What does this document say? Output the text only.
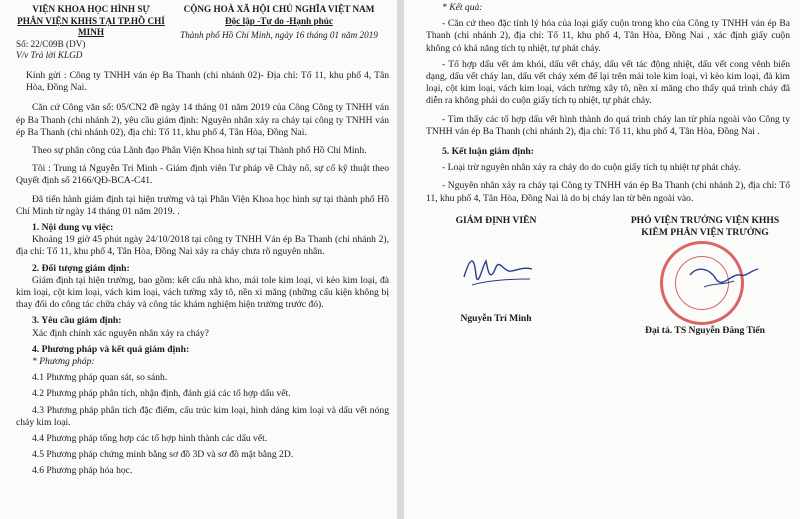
VIỆN KHOA HỌC HÌNH SỰ

PHÂN VIỆN KHHS TẠI TP.HỒ CHÍ MINH

Số: 22/C09B (DV)

V/v Trả lời KLGD

CỘNG HOÀ XÃ HỘI CHỦ NGHĨA VIỆT NAM

Độc lập -Tự do -Hạnh phúc

Thành phố Hồ Chí Minh, ngày 16 tháng 01 năm 2019

Kính gửi : Công ty TNHH ván ép Ba Thanh (chi nhánh 02)- Địa chỉ: Tổ 11, khu phố 4, Tân Hòa, Đồng Nai.

Căn cứ Công văn số: 05/CN2 đề ngày 14 tháng 01 năm 2019 của Công Công ty TNHH ván ép Ba Thanh (chi nhánh 2), yêu cầu giám định: Nguyên nhân xảy ra cháy tại công ty TNHH ván ép Ba Thanh (chi nhánh 02), địa chỉ: Tổ 11, khu phố 4, Tân Hòa, Đồng Nai.

Theo sự phân công của Lãnh đạo Phân Viện Khoa hình sự tại Thành phố Hồ Chí Minh.

Tôi : Trung tá Nguyễn Trí Minh - Giám định viên Tư pháp về Cháy nổ, sự cố kỹ thuật theo Quyết định số 2166/QĐ-BCA-C41.

Đã tiến hành giám định tại hiện trường và tại Phân Viện Khoa học hình sự tại thành phố Hồ Chí Minh từ ngày 14 tháng 01 năm 2019. .

1. Nội dung vụ việc:

Khoảng 19 giờ 45 phút ngày 24/10/2018 tại công ty TNHH Ván ép Ba Thanh (chi nhánh 2), địa chỉ: Tổ 11, khu phố 4, Tân Hòa, Đồng Nai xảy ra cháy chưa rõ nguyên nhân.

2. Đối tượng giám định:

Giám định tại hiện trường, bao gồm: kết cấu nhà kho, mái tole kim loại, vì kèo kim loại, đà kim loại, cột kim loại, vách kim loại, vách tường xây tô, nền xi măng (những cấu kiện không bị thay đổi do công tác chữa cháy và công tác khám nghiệm hiện trường trước đó).

3. Yêu cầu giám định:

Xác định chính xác nguyên nhân xảy ra cháy?

4. Phương pháp và kết quả giám định:

* Phương pháp:

4.1 Phương pháp quan sát, so sánh.

4.2 Phương pháp phân tích, nhận định, đánh giá các tổ hợp dấu vết.

4.3 Phương pháp phân tích đặc điểm, cấu trúc kim loại, hình dáng kim loại và dấu vết nóng chảy kim loại.

4.4 Phương pháp tổng hợp các tổ hợp hình thành các dấu vết.

4.5 Phương pháp chứng minh bằng sơ đồ 3D và sơ đồ mặt bằng 2D.

4.6 Phương pháp hóa học.

* Kết quả:

- Căn cứ theo đặc tính lý hóa của loại giấy cuộn trong kho của Công ty TNHH ván ép Ba Thanh (chi nhánh 2), địa chỉ: Tổ 11, khu phố 4, Tân Hòa, Đồng Nai , xác định giấy cuộn không có khả năng tích tụ nhiệt, tự phát cháy.

- Tổ hợp dấu vết ám khói, dấu vết cháy, dấu vết tác động nhiệt, dấu vết cong vênh biến dạng, dấu vết cháy lan, dấu vết cháy xém để lại trên mái tole kim loại, vì kèo kim loại, đà kim loại, cột kim loại, vách kim loại, vách tường xây tô, nền xi măng cho thấy quá trình cháy đã diễn ra không phải do cuộn giấy tích tụ nhiệt, tự phát cháy.

- Tìm thấy các tổ hợp dấu vết hình thành do quá trình cháy lan từ phía ngoài vào Công ty TNHH ván ép Ba Thanh (chi nhánh 2), địa chỉ: Tổ 11, khu phố 4, Tân Hòa, Đồng Nai .

5. Kết luận giám định:

- Loại trừ nguyên nhân xảy ra cháy do do cuộn giấy tích tụ nhiệt tự phát cháy.

- Nguyên nhân xảy ra cháy tại Công ty TNHH ván ép Ba Thanh (chi nhánh 2), địa chỉ: Tổ 11, khu phố 4, Tân Hòa, Đồng Nai là do bị cháy lan từ bên ngoài vào.

GIÁM ĐỊNH VIÊN

Nguyễn Trí Minh

PHÓ VIỆN TRƯỞNG VIỆN KHHS

KIÊM PHÂN VIỆN TRƯỞNG

Đại tá. TS Nguyễn Đăng Tiến
